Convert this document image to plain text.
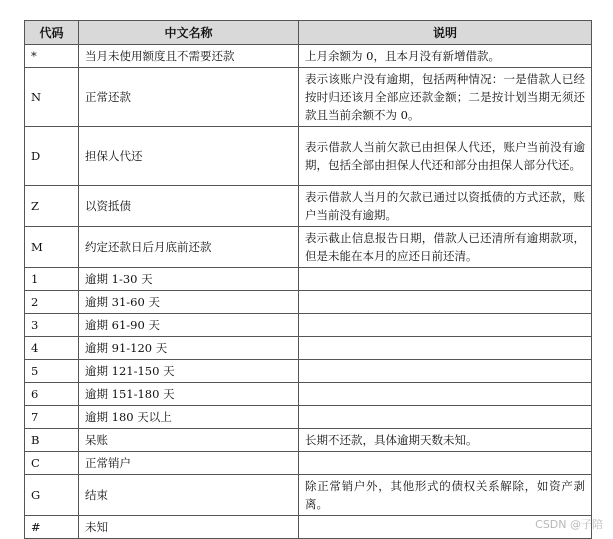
代码	中文名称	说明
*	当月未使用额度且不需要还款	上月余额为 0，且本月没有新增借款。
N	正常还款	表示该账户没有逾期，包括两种情况：一是借款人已经按时归还该月全部应还款金额；二是按计划当期无须还款且当前余额不为 0。
D	担保人代还	表示借款人当前欠款已由担保人代还，账户当前没有逾期，包括全部由担保人代还和部分由担保人部分代还。
Z	以资抵债	表示借款人当月的欠款已通过以资抵债的方式还款，账户当前没有逾期。
M	约定还款日后月底前还款	表示截止信息报告日期，借款人已还清所有逾期款项，但是未能在本月的应还日前还清。
1	逾期 1-30 天	
2	逾期 31-60 天	
3	逾期 61-90 天	
4	逾期 91-120 天	
5	逾期 121-150 天	
6	逾期 151-180 天	
7	逾期 180 天以上	
B	呆账	长期不还款，具体逾期天数未知。
C	正常销户	
G	结束	除正常销户外，其他形式的债权关系解除，如资产剥离。
#	未知		CSDN @子陪
